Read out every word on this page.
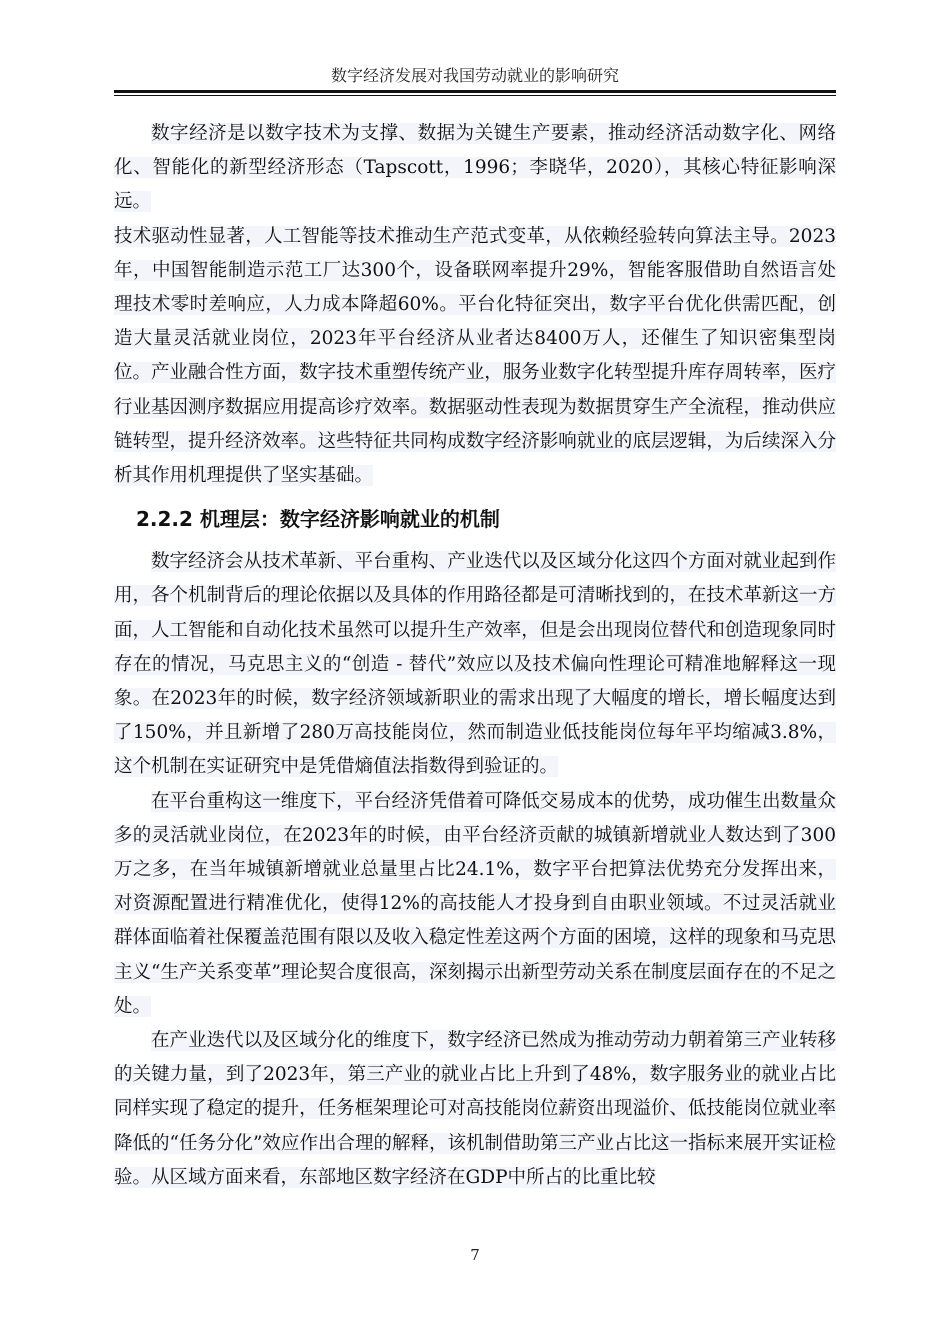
数字经济发展对我国劳动就业的影响研究

数字经济是以数字技术为支撑、数据为关键生产要素，推动经济活动数字化、网络化、智能化的新型经济形态（Tapscott，1996；李晓华，2020），其核心特征影响深远。

技术驱动性显著，人工智能等技术推动生产范式变革，从依赖经验转向算法主导。2023年，中国智能制造示范工厂达300个，设备联网率提升29%，智能客服借助自然语言处理技术零时差响应，人力成本降超60%。平台化特征突出，数字平台优化供需匹配，创造大量灵活就业岗位，2023年平台经济从业者达8400万人，还催生了知识密集型岗位。产业融合性方面，数字技术重塑传统产业，服务业数字化转型提升库存周转率，医疗行业基因测序数据应用提高诊疗效率。数据驱动性表现为数据贯穿生产全流程，推动供应链转型，提升经济效率。这些特征共同构成数字经济影响就业的底层逻辑，为后续深入分析其作用机理提供了坚实基础。

2.2.2 机理层：数字经济影响就业的机制

数字经济会从技术革新、平台重构、产业迭代以及区域分化这四个方面对就业起到作用，各个机制背后的理论依据以及具体的作用路径都是可清晰找到的，在技术革新这一方面，人工智能和自动化技术虽然可以提升生产效率，但是会出现岗位替代和创造现象同时存在的情况，马克思主义的“创造 - 替代”效应以及技术偏向性理论可精准地解释这一现象。在2023年的时候，数字经济领域新职业的需求出现了大幅度的增长，增长幅度达到了150%，并且新增了280万高技能岗位，然而制造业低技能岗位每年平均缩减3.8%，这个机制在实证研究中是凭借熵值法指数得到验证的。

在平台重构这一维度下，平台经济凭借着可降低交易成本的优势，成功催生出数量众多的灵活就业岗位，在2023年的时候，由平台经济贡献的城镇新增就业人数达到了300万之多，在当年城镇新增就业总量里占比24.1%，数字平台把算法优势充分发挥出来，对资源配置进行精准优化，使得12%的高技能人才投身到自由职业领域。不过灵活就业群体面临着社保覆盖范围有限以及收入稳定性差这两个方面的困境，这样的现象和马克思主义“生产关系变革”理论契合度很高，深刻揭示出新型劳动关系在制度层面存在的不足之处。

在产业迭代以及区域分化的维度下，数字经济已然成为推动劳动力朝着第三产业转移的关键力量，到了2023年，第三产业的就业占比上升到了48%，数字服务业的就业占比同样实现了稳定的提升，任务框架理论可对高技能岗位薪资出现溢价、低技能岗位就业率降低的“任务分化”效应作出合理的解释，该机制借助第三产业占比这一指标来展开实证检验。从区域方面来看，东部地区数字经济在GDP中所占的比重比较

7
